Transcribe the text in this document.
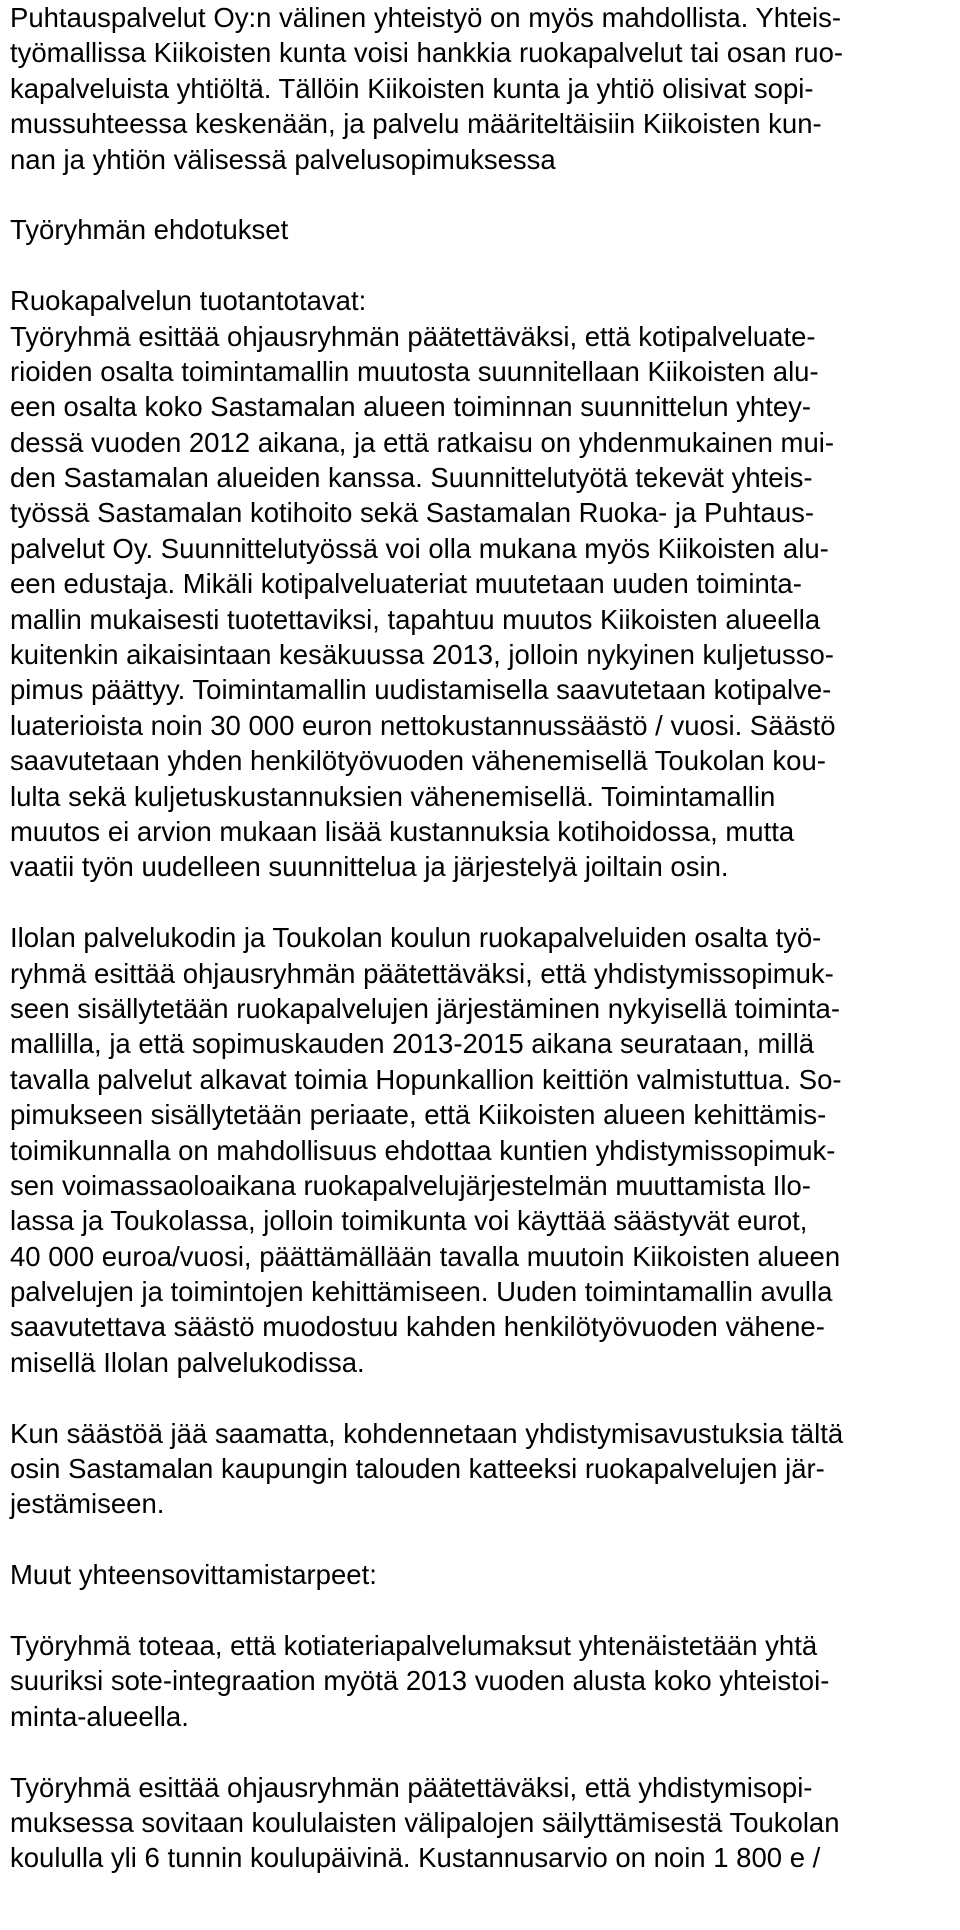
Puhtauspalvelut Oy:n välinen yhteistyö on myös mahdollista. Yhteis-
työmallissa Kiikoisten kunta voisi hankkia ruokapalvelut tai osan ruo-
kapalveluista yhtiöltä. Tällöin Kiikoisten kunta ja yhtiö olisivat sopi-
mussuhteessa keskenään, ja palvelu määriteltäisiin Kiikoisten kun-
nan ja yhtiön välisessä palvelusopimuksessa
Työryhmän ehdotukset
Ruokapalvelun tuotantotavat:
Työryhmä esittää ohjausryhmän päätettäväksi, että kotipalveluate-
rioiden osalta toimintamallin muutosta suunnitellaan Kiikoisten alu-
een osalta koko Sastamalan alueen toiminnan suunnittelun yhtey-
dessä vuoden 2012 aikana, ja että ratkaisu on yhdenmukainen mui-
den Sastamalan alueiden kanssa. Suunnittelutyötä tekevät yhteis-
työssä Sastamalan kotihoito sekä Sastamalan Ruoka- ja Puhtaus-
palvelut Oy. Suunnittelutyössä voi olla mukana myös Kiikoisten alu-
een edustaja. Mikäli kotipalveluateriat muutetaan uuden toiminta-
mallin mukaisesti tuotettaviksi, tapahtuu muutos Kiikoisten alueella
kuitenkin aikaisintaan kesäkuussa 2013, jolloin nykyinen kuljetusso-
pimus päättyy. Toimintamallin uudistamisella saavutetaan kotipalve-
luaterioista noin 30 000 euron nettokustannussäästö / vuosi. Säästö
saavutetaan yhden henkilötyövuoden vähenemisellä Toukolan kou-
lulta sekä kuljetuskustannuksien vähenemisellä. Toimintamallin
muutos ei arvion mukaan lisää kustannuksia kotihoidossa, mutta
vaatii työn uudelleen suunnittelua ja järjestelyä joiltain osin.
Ilolan palvelukodin ja Toukolan koulun ruokapalveluiden osalta työ-
ryhmä esittää ohjausryhmän päätettäväksi, että yhdistymissopimuk-
seen sisällytetään ruokapalvelujen järjestäminen nykyisellä toiminta-
mallilla, ja että sopimuskauden 2013-2015 aikana seurataan, millä
tavalla palvelut alkavat toimia Hopunkallion keittiön valmistuttua. So-
pimukseen sisällytetään periaate, että Kiikoisten alueen kehittämis-
toimikunnalla on mahdollisuus ehdottaa kuntien yhdistymissopimuk-
sen voimassaoloaikana ruokapalvelujärjestelmän muuttamista Ilo-
lassa ja Toukolassa, jolloin toimikunta voi käyttää säästyvät eurot,
40 000 euroa/vuosi, päättämällään tavalla muutoin Kiikoisten alueen
palvelujen ja toimintojen kehittämiseen. Uuden toimintamallin avulla
saavutettava säästö muodostuu kahden henkilötyövuoden vähene-
misellä Ilolan palvelukodissa.
Kun säästöä jää saamatta, kohdennetaan yhdistymisavustuksia tältä
osin Sastamalan kaupungin talouden katteeksi ruokapalvelujen jär-
jestämiseen.
Muut yhteensovittamistarpeet:
Työryhmä toteaa, että kotiateriapalvelumaksut yhtenäistetään yhtä
suuriksi sote-integraation myötä 2013 vuoden alusta koko yhteistoi-
minta-alueella.
Työryhmä esittää ohjausryhmän päätettäväksi, että yhdistymisopi-
muksessa sovitaan koululaisten välipalojen säilyttämisestä Toukolan
koululla yli 6 tunnin koulupäivinä. Kustannusarvio on noin 1 800 e /
